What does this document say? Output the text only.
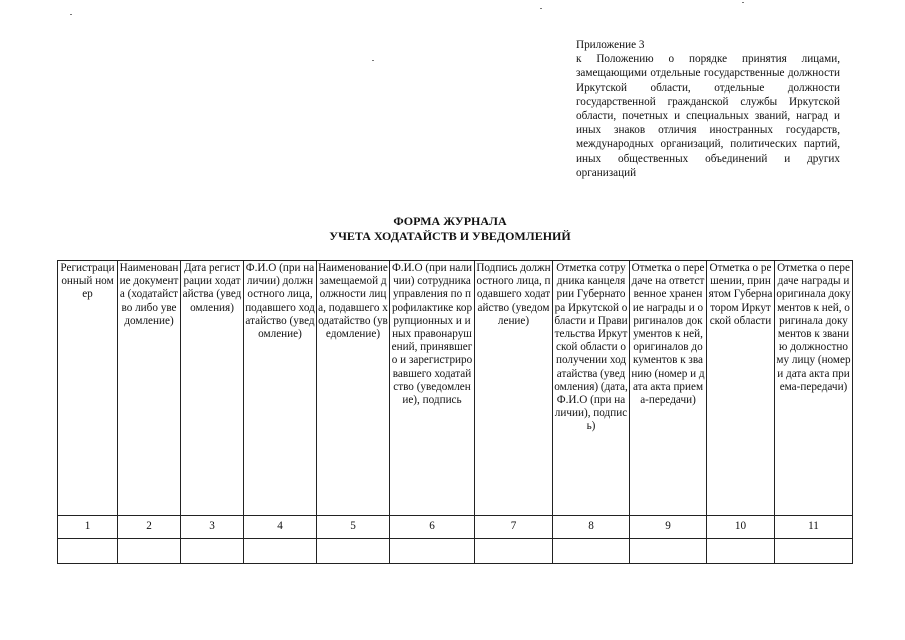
Приложение 3
к Положению о порядке принятия лицами, замещающими отдельные государственные должности Иркутской области, отдельные должности государственной гражданской службы Иркутской области, почетных и специальных званий, наград и иных знаков отличия иностранных государств, международных организаций, политических партий, иных общественных объединений и других организаций
ФОРМА ЖУРНАЛА
УЧЕТА ХОДАТАЙСТВ И УВЕДОМЛЕНИЙ
Регистрационный номер	Наименование документа (ходатайство либо уведомление)	Дата регистрации ходатайства (уведомления)	Ф.И.О (при наличии) должностного лица, подавшего ходатайство (уведомление)	Наименование замещаемой должности лица, подавшего ходатайство (уведомление)	Ф.И.О (при наличии) сотрудника управления по профилактике коррупционных и иных правонарушений, принявшего и зарегистрировавшего ходатайство (уведомление), подпись	Подпись должностного лица, подавшего ходатайство (уведомление)	Отметка сотрудника канцелярии Губернатора Иркутской области и Правительства Иркутской области о получении ходатайства (уведомления) (дата, Ф.И.О (при наличии), подпись)	Отметка о передаче на ответственное хранение награды и оригиналов документов к ней, оригиналов документов к званию (номер и дата акта приема-передачи)	Отметка о решении, принятом Губернатором Иркутской области	Отметка о передаче награды и оригинала документов к ней, оригинала документов к званию должностному лицу (номер и дата акта приема-передачи)
1	2	3	4	5	6	7	8	9	10	11
